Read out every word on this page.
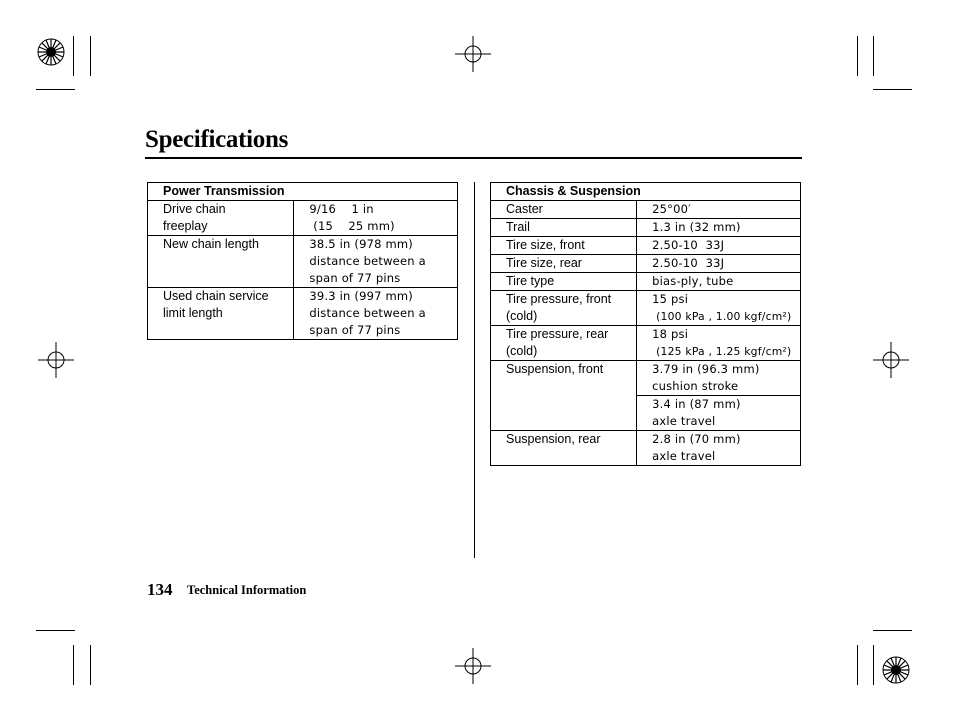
Specifications
Power Transmission	

Drive chain
freeplay	9/16    1 in
(15    25 mm)

New chain length	38.5 in (978 mm)
distance between a
span of 77 pins

Used chain service
limit length	39.3 in (997 mm)
distance between a
span of 77 pins
Chassis & Suspension	
Caster	25°00′
Trail	1.3 in (32 mm)
Tire size, front	2.50-10  33J
Tire size, rear	2.50-10  33J
Tire type	bias-ply, tube

Tire pressure, front
(cold)	15 psi
(100 kPa , 1.00 kgf/cm²)

Tire pressure, rear
(cold)	18 psi
(125 kPa , 1.25 kgf/cm²)

Suspension, front	3.79 in (96.3 mm)
cushion stroke

	3.4 in (87 mm)
axle travel

Suspension, rear	2.8 in (70 mm)
axle travel
134 Technical Information
